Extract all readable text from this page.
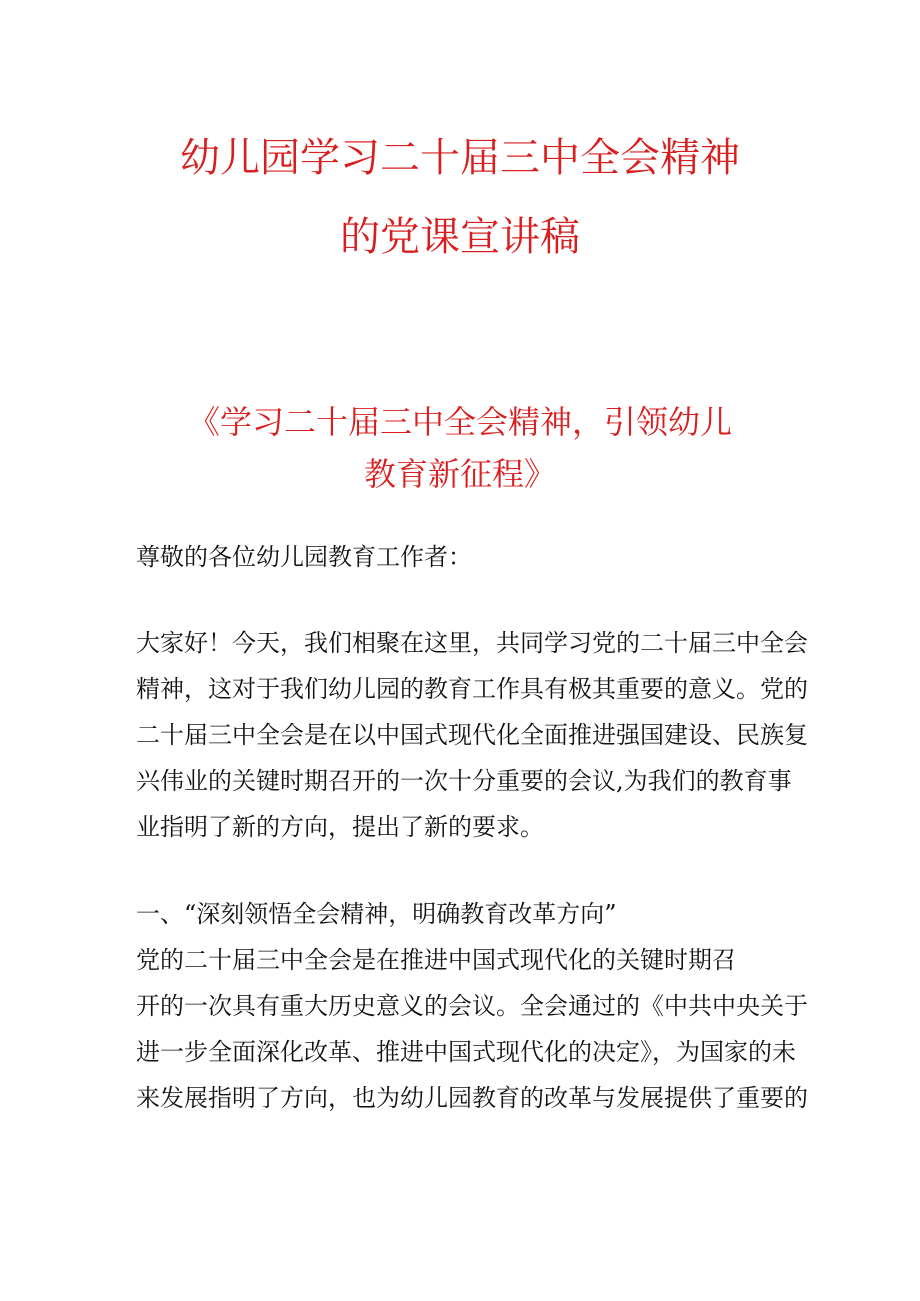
幼儿园学习二十届三中全会精神
的党课宣讲稿
《学习二十届三中全会精神，引领幼儿
教育新征程》
尊敬的各位幼儿园教育工作者：
大家好！今天，我们相聚在这里，共同学习党的二十届三中全会
精神，这对于我们幼儿园的教育工作具有极其重要的意义。党的
二十届三中全会是在以中国式现代化全面推进强国建设、民族复
兴伟业的关键时期召开的一次十分重要的会议,为我们的教育事
业指明了新的方向，提出了新的要求。
一、“深刻领悟全会精神，明确教育改革方向”
党的二十届三中全会是在推进中国式现代化的关键时期召
开的一次具有重大历史意义的会议。全会通过的《中共中央关于
进一步全面深化改革、推进中国式现代化的决定》，为国家的未
来发展指明了方向，也为幼儿园教育的改革与发展提供了重要的
